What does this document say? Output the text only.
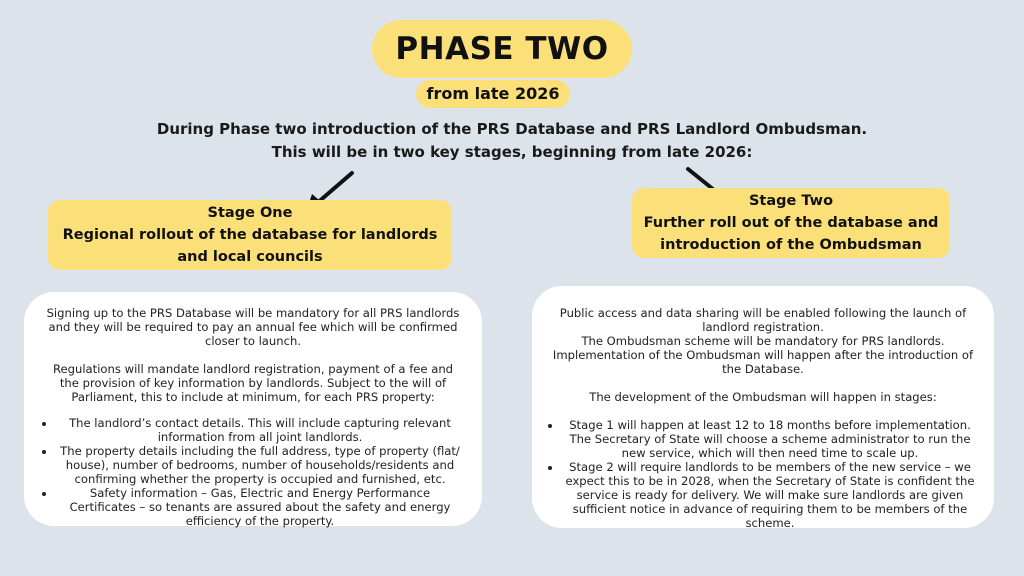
PHASE TWO
from late 2026
During Phase two introduction of the PRS Database and PRS Landlord Ombudsman.
This will be in two key stages, beginning from late 2026:
Stage One
Regional rollout of the database for landlords
and local councils
Stage Two
Further roll out of the database and
introduction of the Ombudsman

Signing up to the PRS Database will be mandatory for all PRS landlords and they will be required to pay an annual fee which will be confirmed closer to launch.

Regulations will mandate landlord registration, payment of a fee and the provision of key information by landlords. Subject to the will of Parliament, this to include at minimum, for each PRS property:

• The landlord’s contact details. This will include capturing relevant information from all joint landlords.
• The property details including the full address, type of property (flat/ house), number of bedrooms, number of households/residents and confirming whether the property is occupied and furnished, etc.
• Safety information – Gas, Electric and Energy Performance Certificates – so tenants are assured about the safety and energy efficiency of the property.

Public access and data sharing will be enabled following the launch of landlord registration.

The Ombudsman scheme will be mandatory for PRS landlords.

Implementation of the Ombudsman will happen after the introduction of the Database.

The development of the Ombudsman will happen in stages:

• Stage 1 will happen at least 12 to 18 months before implementation. The Secretary of State will choose a scheme administrator to run the new service, which will then need time to scale up.
• Stage 2 will require landlords to be members of the new service – we expect this to be in 2028, when the Secretary of State is confident the service is ready for delivery. We will make sure landlords are given sufficient notice in advance of requiring them to be members of the scheme.
